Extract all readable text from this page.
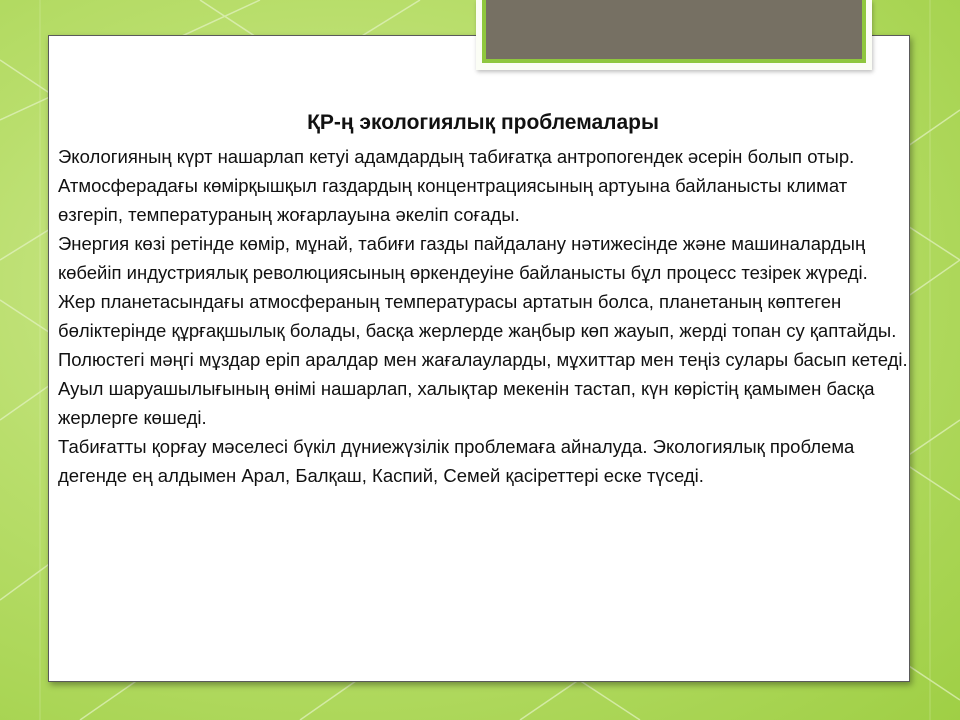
ҚР-ң экологиялық проблемалары

Экологияның күрт нашарлап кетуі адамдардың табиғатқа антропогендек әсерін болып отыр. Атмосферадағы көмірқышқыл газдардың концентрациясының артуына байланысты климат өзгеріп, температураның жоғарлауына әкеліп соғады.

Энергия көзі ретінде көмір, мұнай, табиғи газды пайдалану нәтижесінде және машиналардың көбейіп индустриялық революциясының өркендеуіне байланысты бұл процесс тезірек жүреді.

Жер планетасындағы атмосфераның температурасы артатын болса, планетаның көптеген бөліктерінде құрғақшылық болады, басқа жерлерде жаңбыр көп жауып, жерді топан су қаптайды. Полюстегі мәңгі мұздар еріп аралдар мен жағалауларды, мұхиттар мен теңіз сулары басып кетеді. Ауыл шаруашылығының өнімі нашарлап, халықтар мекенін тастап, күн көрістің қамымен басқа жерлерге көшеді.

Табиғатты қорғау мәселесі бүкіл дүниежүзілік проблемаға айналуда. Экологиялық проблема дегенде ең алдымен Арал, Балқаш, Каспий, Семей қасіреттері еске түседі.
